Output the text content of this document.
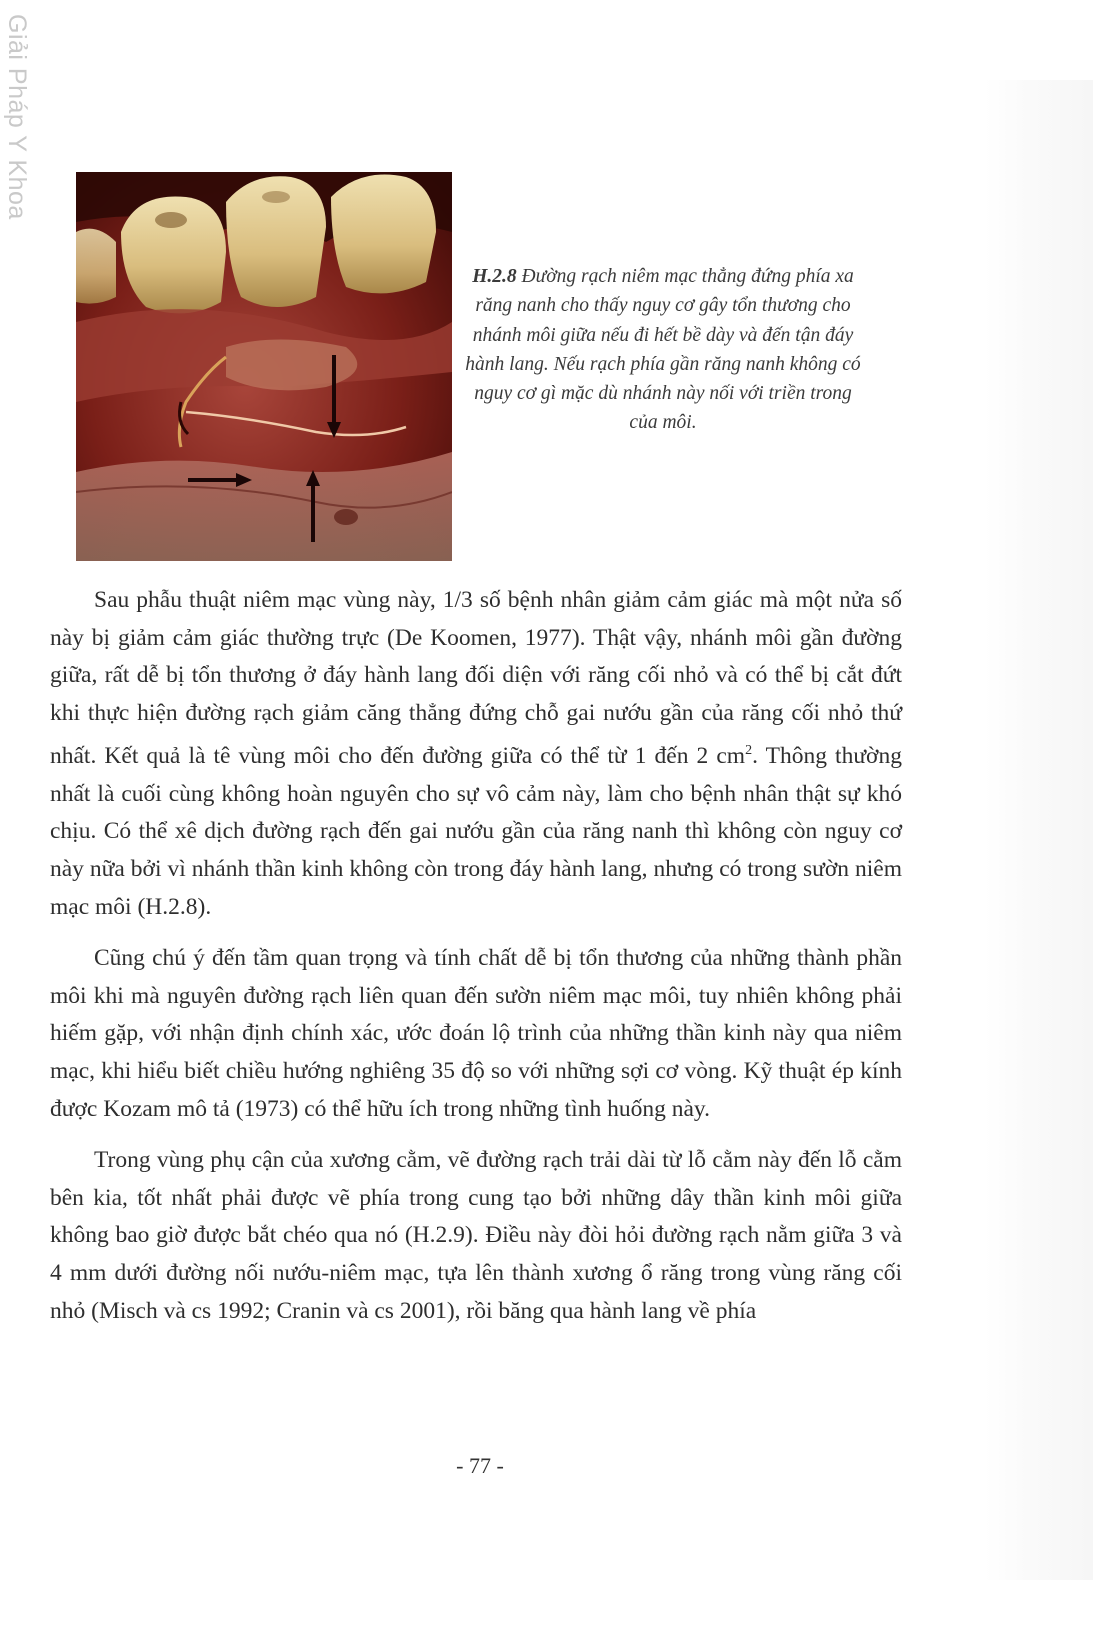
Giải Pháp Y Khoa
H.2.8 Đường rạch niêm mạc thẳng đứng phía xa răng nanh cho thấy nguy cơ gây tổn thương cho nhánh môi giữa nếu đi hết bề dày và đến tận đáy hành lang. Nếu rạch phía gần răng nanh không có nguy cơ gì mặc dù nhánh này nối với triền trong của môi.

Sau phẫu thuật niêm mạc vùng này, 1/3 số bệnh nhân giảm cảm giác mà một nửa số này bị giảm cảm giác thường trực (De Koomen, 1977). Thật vậy, nhánh môi gần đường giữa, rất dễ bị tổn thương ở đáy hành lang đối diện với răng cối nhỏ và có thể bị cắt đứt khi thực hiện đường rạch giảm căng thẳng đứng chỗ gai nướu gần của răng cối nhỏ thứ nhất. Kết quả là tê vùng môi cho đến đường giữa có thể từ 1 đến 2 $cm^2$. Thông thường nhất là cuối cùng không hoàn nguyên cho sự vô cảm này, làm cho bệnh nhân thật sự khó chịu. Có thể xê dịch đường rạch đến gai nướu gần của răng nanh thì không còn nguy cơ này nữa bởi vì nhánh thần kinh không còn trong đáy hành lang, nhưng có trong sườn niêm mạc môi (H.2.8).

Cũng chú ý đến tầm quan trọng và tính chất dễ bị tổn thương của những thành phần môi khi mà nguyên đường rạch liên quan đến sườn niêm mạc môi, tuy nhiên không phải hiếm gặp, với nhận định chính xác, ước đoán lộ trình của những thần kinh này qua niêm mạc, khi hiểu biết chiều hướng nghiêng 35 độ so với những sợi cơ vòng. Kỹ thuật ép kính được Kozam mô tả (1973) có thể hữu ích trong những tình huống này.

Trong vùng phụ cận của xương cằm, vẽ đường rạch trải dài từ lỗ cằm này đến lỗ cằm bên kia, tốt nhất phải được vẽ phía trong cung tạo bởi những dây thần kinh môi giữa không bao giờ được bắt chéo qua nó (H.2.9). Điều này đòi hỏi đường rạch nằm giữa 3 và 4 mm dưới đường nối nướu-niêm mạc, tựa lên thành xương ổ răng trong vùng răng cối nhỏ (Misch và cs 1992; Cranin và cs 2001), rồi băng qua hành lang về phía

- 77 -
